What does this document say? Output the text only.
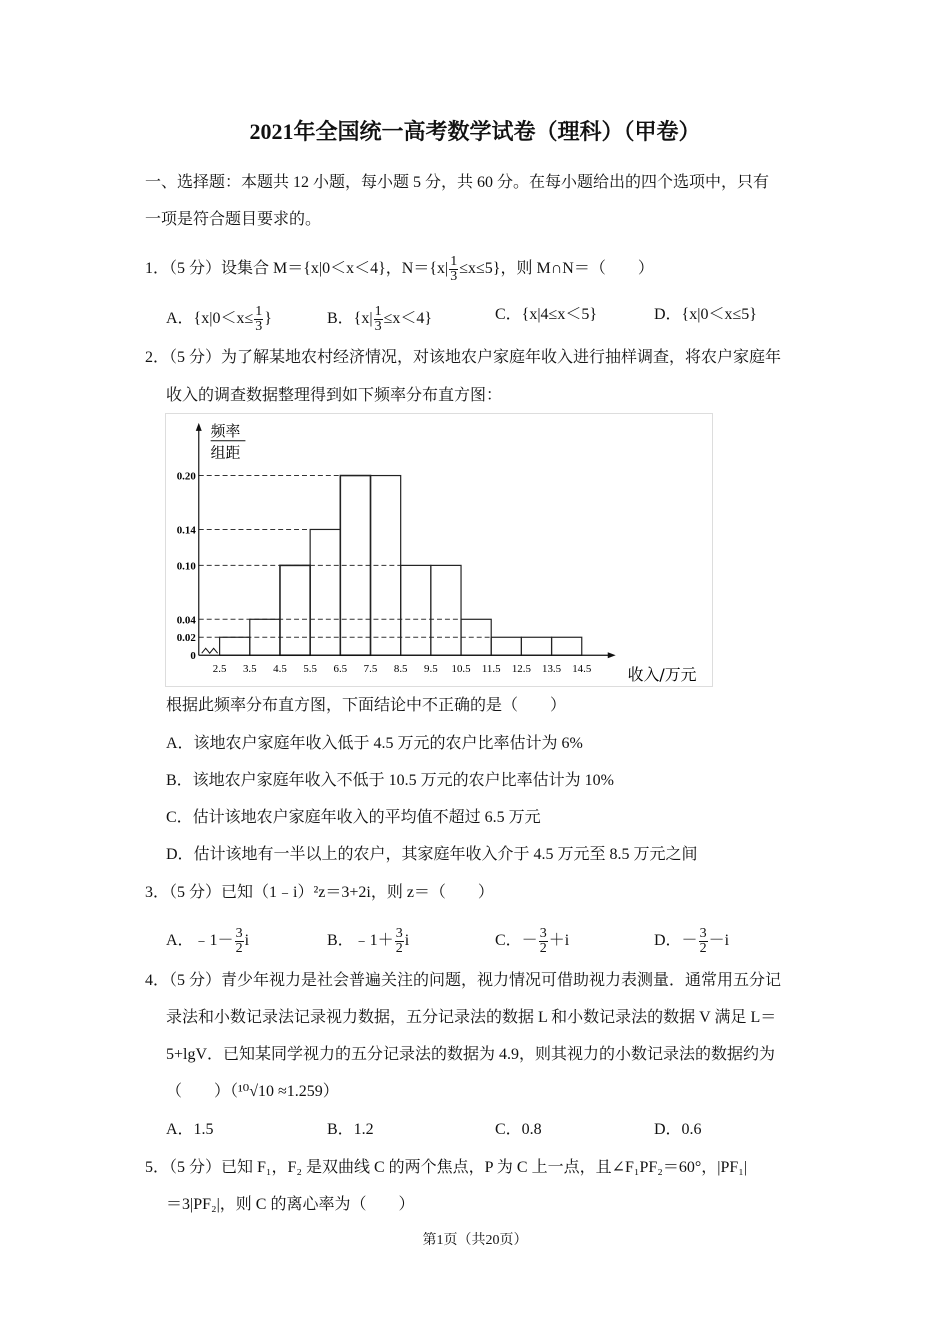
2021年全国统一高考数学试卷（理科）（甲卷）
一、选择题：本题共 12 小题，每小题 5 分，共 60 分。在每小题给出的四个选项中，只有
一项是符合题目要求的。
1．（5 分）设集合 M＝{x|0＜x＜4}，$N=\{x| \frac{1}{3} \le x\le 5\}$，则 M∩N＝（　　）
A．{$x|0<x\le \frac{1}{3}$ }	B．$\{x| \frac{1}{3} \le x<4\}$	C．{x|4≤x＜5}	D．{x|0＜x≤5}
2．（5 分）为了解某地农村经济情况，对该地农户家庭年收入进行抽样调查，将农户家庭年
收入的调查数据整理得到如下频率分布直方图：
2.5 3.5 4.5 5.5 6.5 7.5 8.5 9.5 10.5 11.5 12.5 13.5 14.5
0
0.02
0.04
0.10
0.14
0.20
频率
组距
收入/万元
根据此频率分布直方图，下面结论中不正确的是（　　）
A．该地农户家庭年收入低于 4.5 万元的农户比率估计为 6%
B．该地农户家庭年收入不低于 10.5 万元的农户比率估计为 10%
C．估计该地农户家庭年收入的平均值不超过 6.5 万元
D．估计该地有一半以上的农户，其家庭年收入介于 4.5 万元至 8.5 万元之间
3．（5 分）已知（1﹣i）²z＝3+2i，则 z＝（　　）
A．﹣1－ $\frac{3}{2}$ i	B．﹣1＋ $\frac{3}{2}$ i	C．－ $\frac{3}{2} +i$	D．－ $\frac{3}{2} -i$
4．（5 分）青少年视力是社会普遍关注的问题，视力情况可借助视力表测量．通常用五分记
录法和小数记录法记录视力数据，五分记录法的数据 L 和小数记录法的数据 V 满足 L＝
5+lgV．已知某同学视力的五分记录法的数据为 4.9，则其视力的小数记录法的数据约为
（　　）（¹⁰√10 ≈1.259）
A．1.5	B．1.2	C．0.8	D．0.6
5．（5 分）已知 F₁，F₂ 是双曲线 C 的两个焦点，P 为 C 上一点，且∠F₁PF₂＝60°，|PF₁|
＝3|PF₂|，则 C 的离心率为（　　）
第1页（共20页）
